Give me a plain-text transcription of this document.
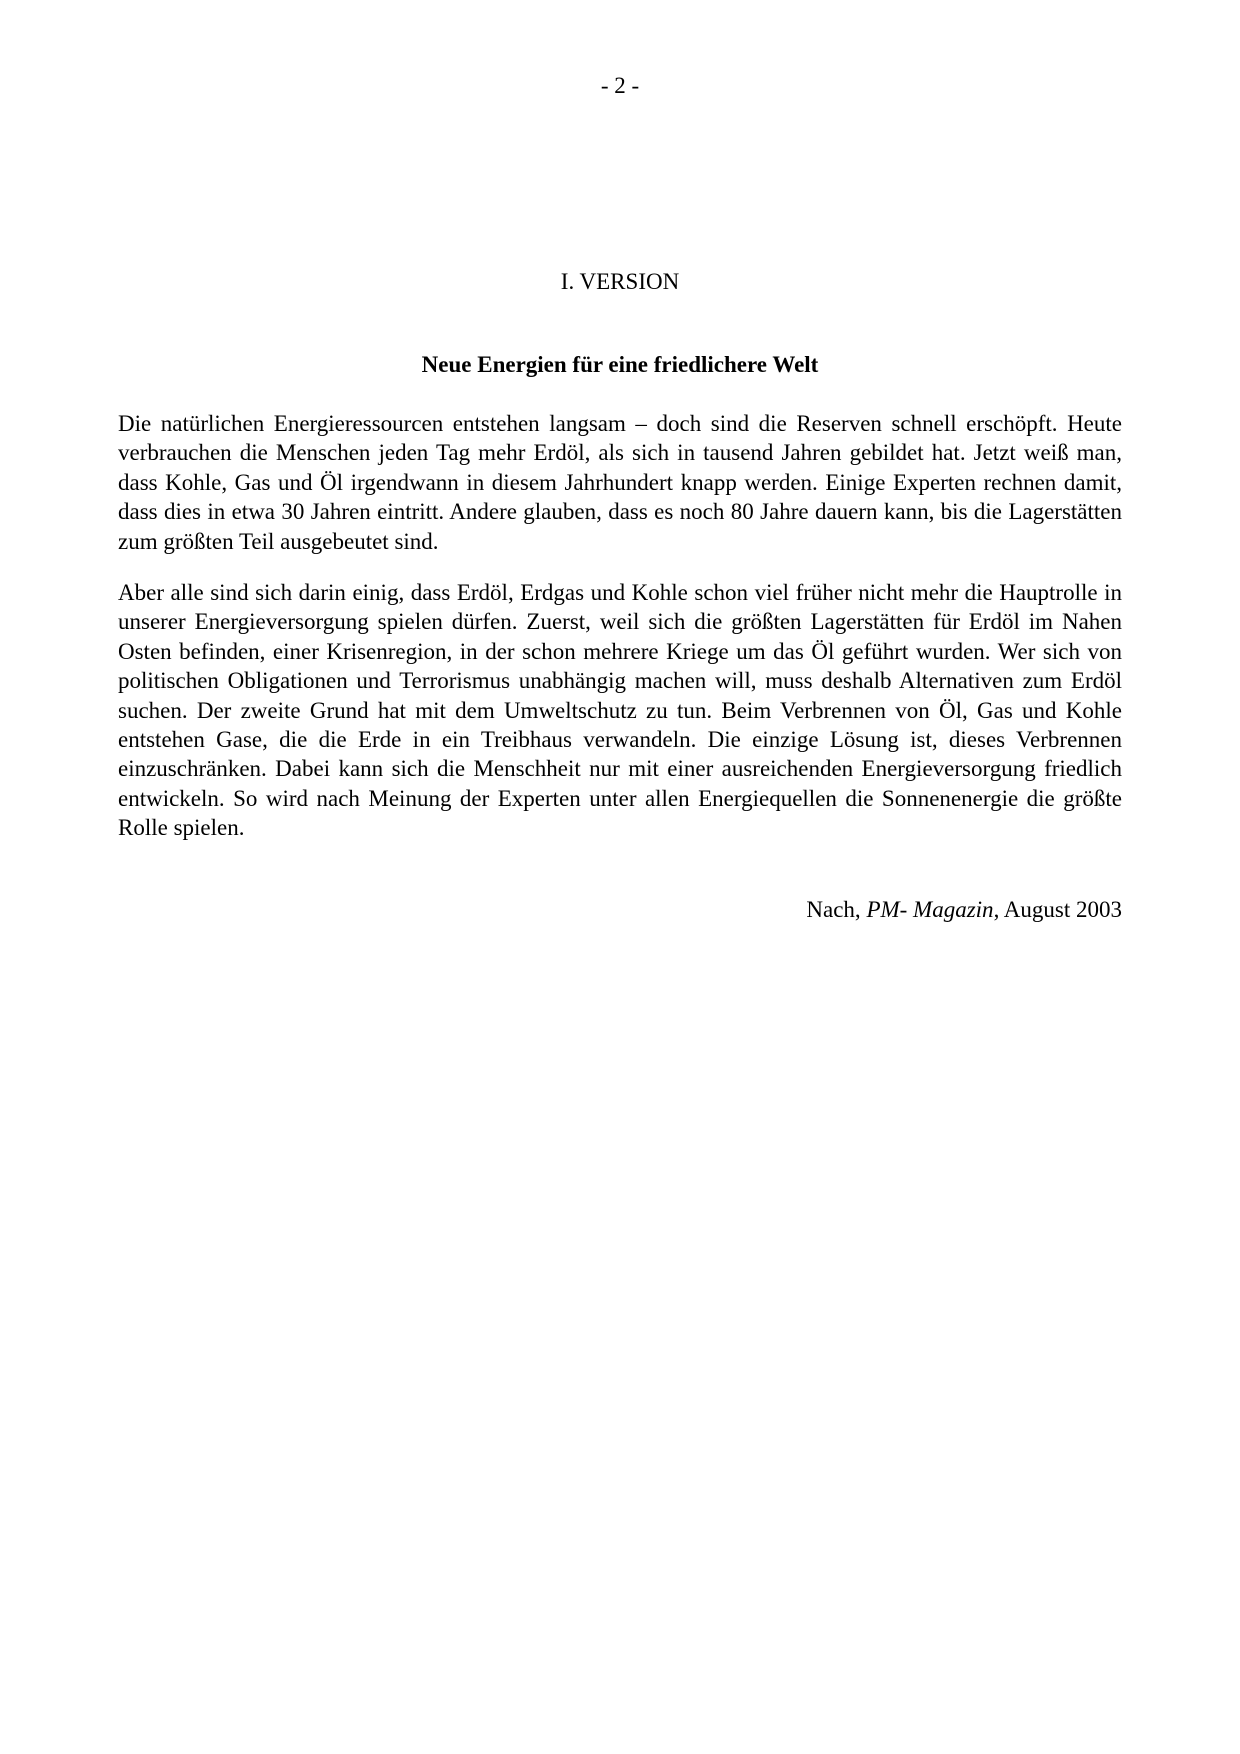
- 2 -
I. VERSION
Neue Energien für eine friedlichere Welt

Die natürlichen Energieressourcen entstehen langsam – doch sind die Reserven schnell erschöpft. Heute verbrauchen die Menschen jeden Tag mehr Erdöl, als sich in tausend Jahren gebildet hat. Jetzt weiß man, dass Kohle, Gas und Öl irgendwann in diesem Jahrhundert knapp werden. Einige Experten rechnen damit, dass dies in etwa 30 Jahren eintritt. Andere glauben, dass es noch 80 Jahre dauern kann, bis die Lagerstätten zum größten Teil ausgebeutet sind.

Aber alle sind sich darin einig, dass Erdöl, Erdgas und Kohle schon viel früher nicht mehr die Hauptrolle in unserer Energieversorgung spielen dürfen. Zuerst, weil sich die größten Lagerstätten für Erdöl im Nahen Osten befinden, einer Krisenregion, in der schon mehrere Kriege um das Öl geführt wurden. Wer sich von politischen Obligationen und Terrorismus unabhängig machen will, muss deshalb Alternativen zum Erdöl suchen. Der zweite Grund hat mit dem Umweltschutz zu tun. Beim Verbrennen von Öl, Gas und Kohle entstehen Gase, die die Erde in ein Treibhaus verwandeln. Die einzige Lösung ist, dieses Verbrennen einzuschränken. Dabei kann sich die Menschheit nur mit einer ausreichenden Energieversorgung friedlich entwickeln. So wird nach Meinung der Experten unter allen Energiequellen die Sonnenenergie die größte Rolle spielen.

Nach, PM- Magazin, August 2003
